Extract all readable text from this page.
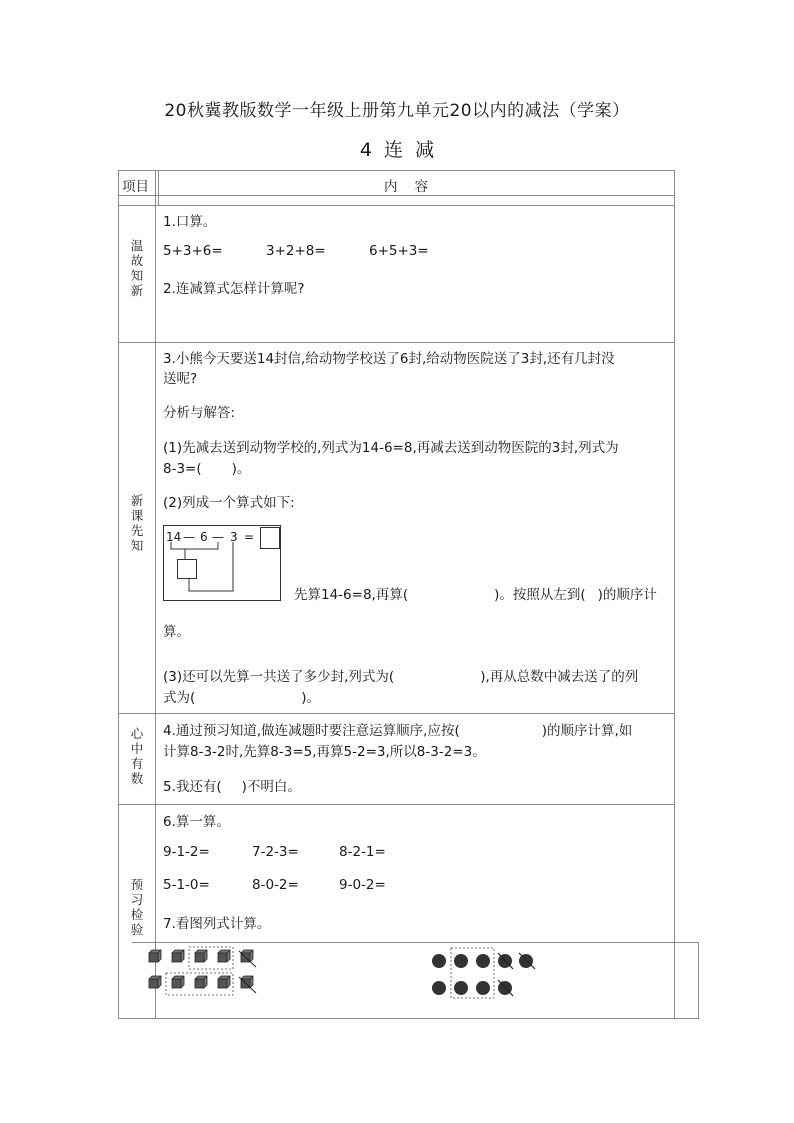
20秋冀教版数学一年级上册第九单元20以内的减法（学案）
4 连 减
项目	内    容
温故知新
1.口算。
5+3+6=	3+2+8=	6+5+3=
2.连减算式怎样计算呢?
新课先知
3.小熊今天要送14封信,给动物学校送了6封,给动物医院送了3封,还有几封没
送呢?
分析与解答:
(1)先减去送到动物学校的,列式为14-6=8,再减去送到动物医院的3封,列式为
8-3=( )。
(2)列成一个算式如下:
14 — 6 — 3 =
先算14-6=8,再算(	)。按照从左到( )的顺序计
算。
(3)还可以先算一共送了多少封,列式为(	),再从总数中减去送了的列
式为(	)。
心中有数
4.通过预习知道,做连减题时要注意运算顺序,应按(	)的顺序计算,如
计算8-3-2时,先算8-3=5,再算5-2=3,所以8-3-2=3。
5.我还有( )不明白。
预习检验
6.算一算。
9-1-2=	7-2-3=	8-2-1=
5-1-0=	8-0-2=	9-0-2=
7.看图列式计算。
